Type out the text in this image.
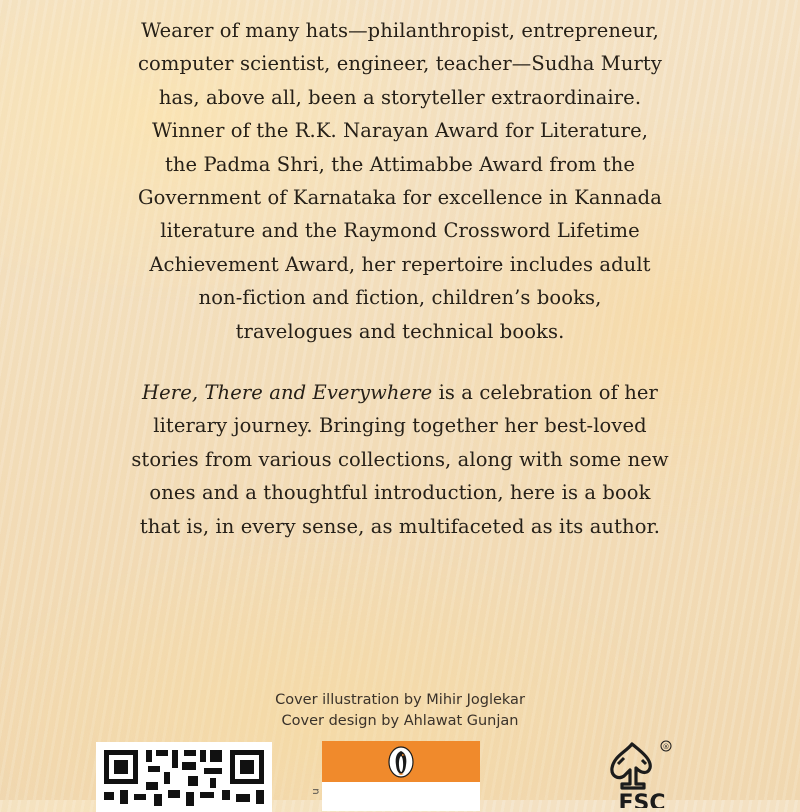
Wearer of many hats—philanthropist, entrepreneur,
computer scientist, engineer, teacher—Sudha Murty
has, above all, been a storyteller extraordinaire.
Winner of the R.K. Narayan Award for Literature,
the Padma Shri, the Attimabbe Award from the
Government of Karnataka for excellence in Kannada
literature and the Raymond Crossword Lifetime
Achievement Award, her repertoire includes adult
non-fiction and fiction, children’s books,
travelogues and technical books.

Here, There and Everywhere is a celebration of her
literary journey. Bringing together her best-loved
stories from various collections, along with some new
ones and a thoughtful introduction, here is a book
that is, in every sense, as multifaceted as its author.

Cover illustration by Mihir Joglekar
Cover design by Ahlawat Gunjan
u
®
FSC
